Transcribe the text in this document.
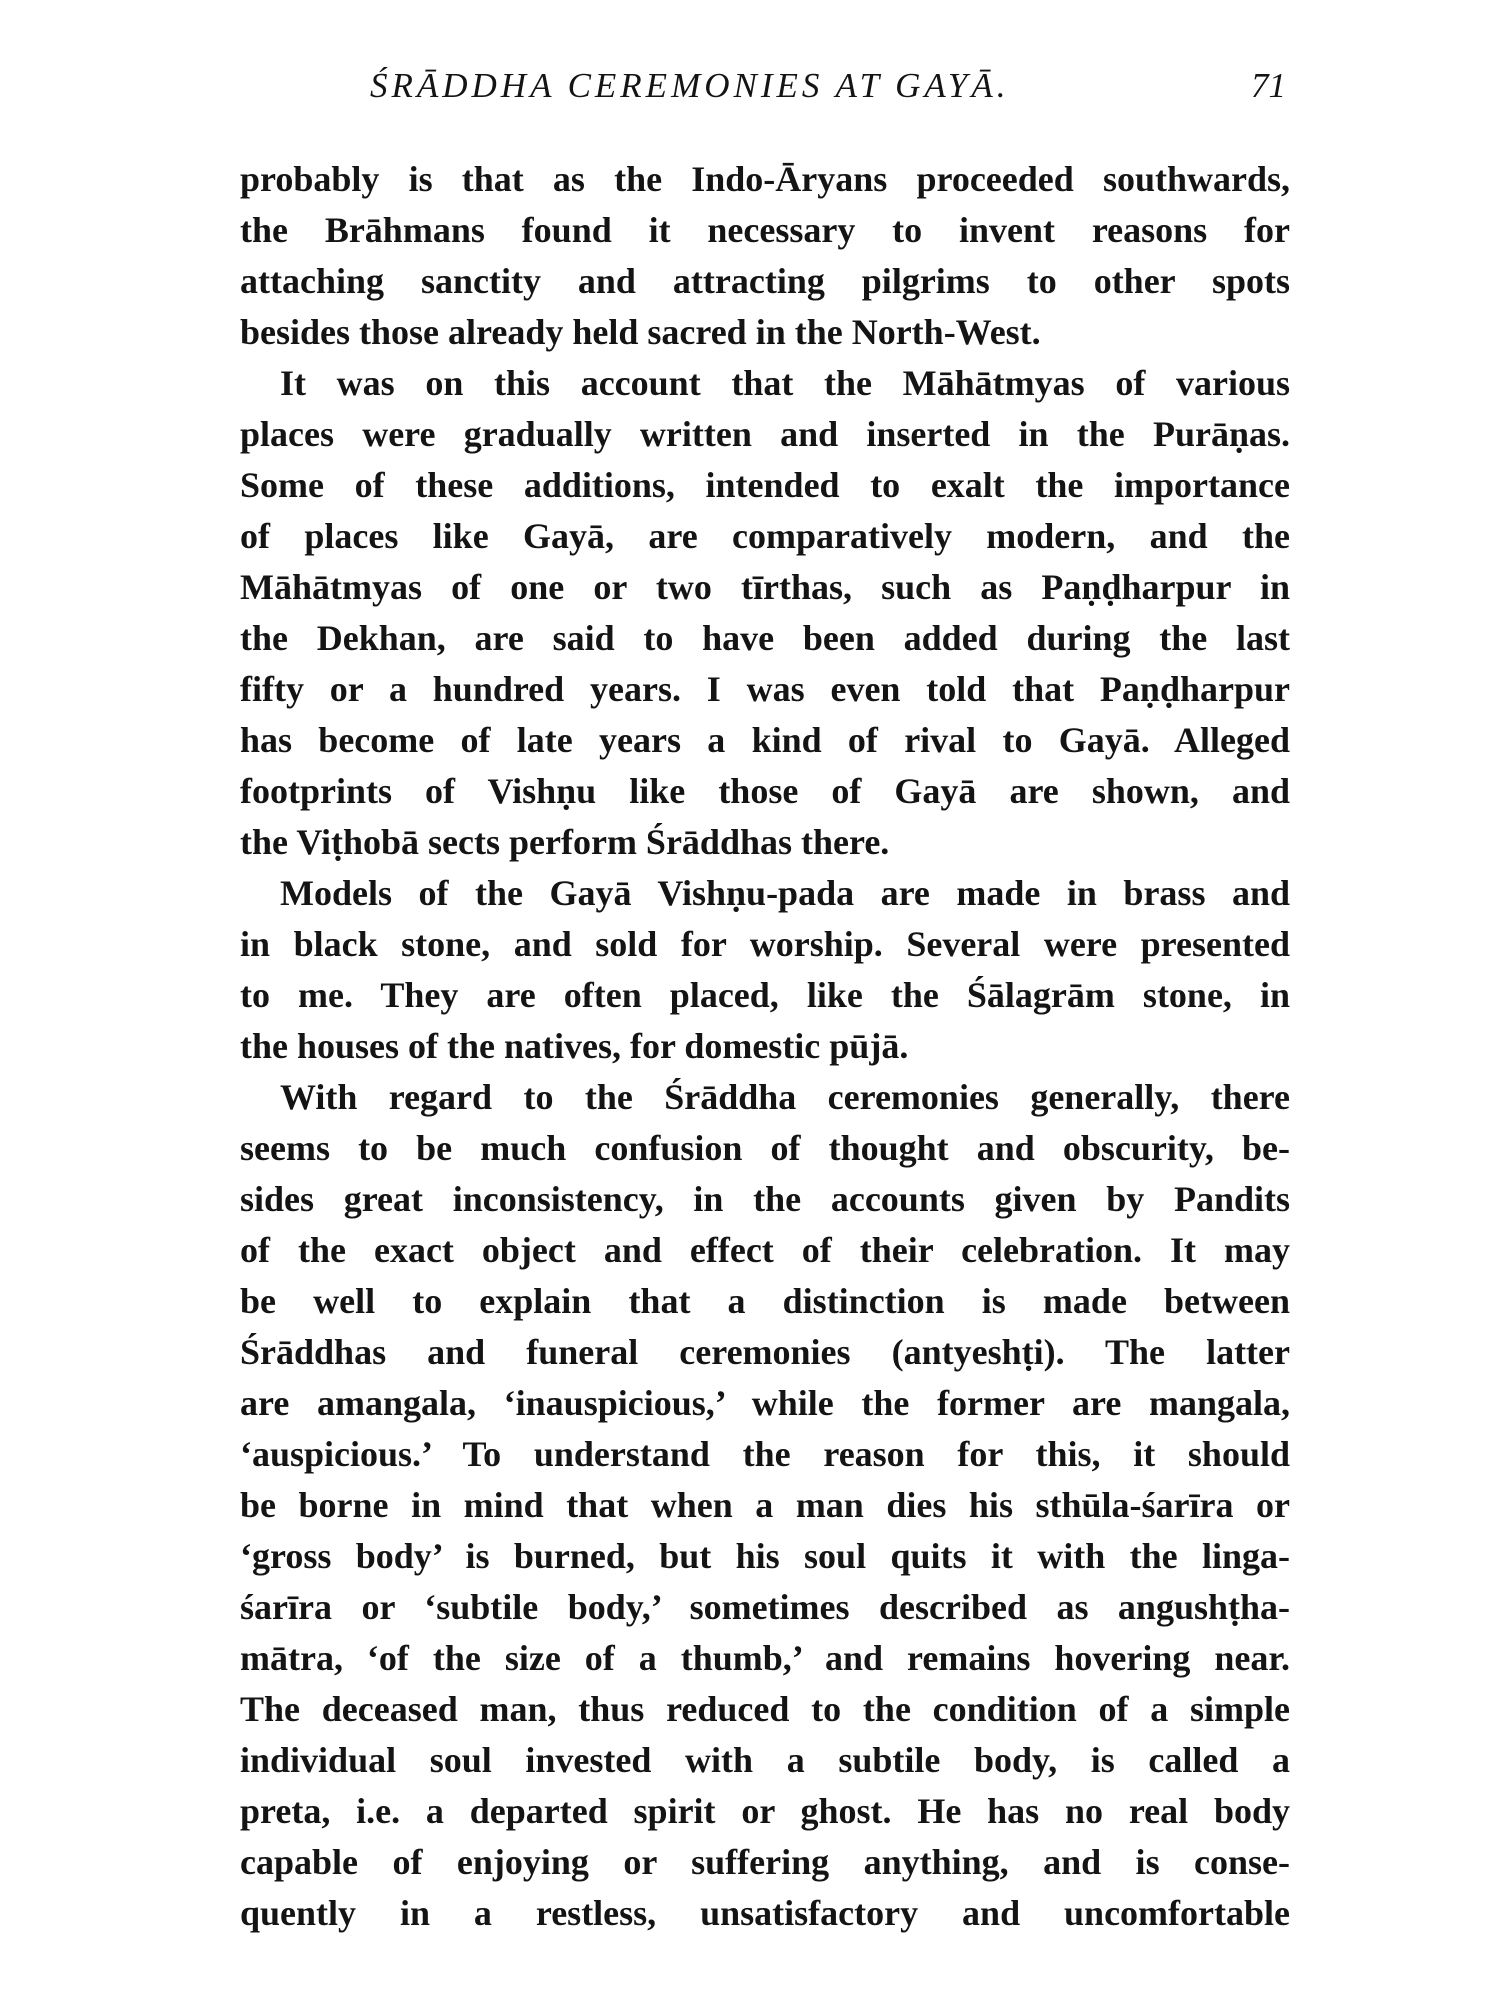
ŚRĀDDHA CEREMONIES AT GAYĀ.	71
probably is that as the Indo-Āryans proceeded southwards,
the Brāhmans found it necessary to invent reasons for
attaching sanctity and attracting pilgrims to other spots
besides those already held sacred in the North-West.
It was on this account that the Māhātmyas of various
places were gradually written and inserted in the Purāṇas.
Some of these additions, intended to exalt the importance
of places like Gayā, are comparatively modern, and the
Māhātmyas of one or two tīrthas, such as Paṇḍharpur in
the Dekhan, are said to have been added during the last
fifty or a hundred years. I was even told that Paṇḍharpur
has become of late years a kind of rival to Gayā. Alleged
footprints of Vishṇu like those of Gayā are shown, and
the Viṭhobā sects perform Śrāddhas there.
Models of the Gayā Vishṇu-pada are made in brass and
in black stone, and sold for worship. Several were presented
to me. They are often placed, like the Śālagrām stone, in
the houses of the natives, for domestic pūjā.
With regard to the Śrāddha ceremonies generally, there
seems to be much confusion of thought and obscurity, be-
sides great inconsistency, in the accounts given by Pandits
of the exact object and effect of their celebration. It may
be well to explain that a distinction is made between
Śrāddhas and funeral ceremonies (antyeshṭi). The latter
are amangala, ‘inauspicious,’ while the former are mangala,
‘auspicious.’ To understand the reason for this, it should
be borne in mind that when a man dies his sthūla-śarīra or
‘gross body’ is burned, but his soul quits it with the linga-
śarīra or ‘subtile body,’ sometimes described as angushṭha-
mātra, ‘of the size of a thumb,’ and remains hovering near.
The deceased man, thus reduced to the condition of a simple
individual soul invested with a subtile body, is called a
preta, i.e. a departed spirit or ghost. He has no real body
capable of enjoying or suffering anything, and is conse-
quently in a restless, unsatisfactory and uncomfortable
